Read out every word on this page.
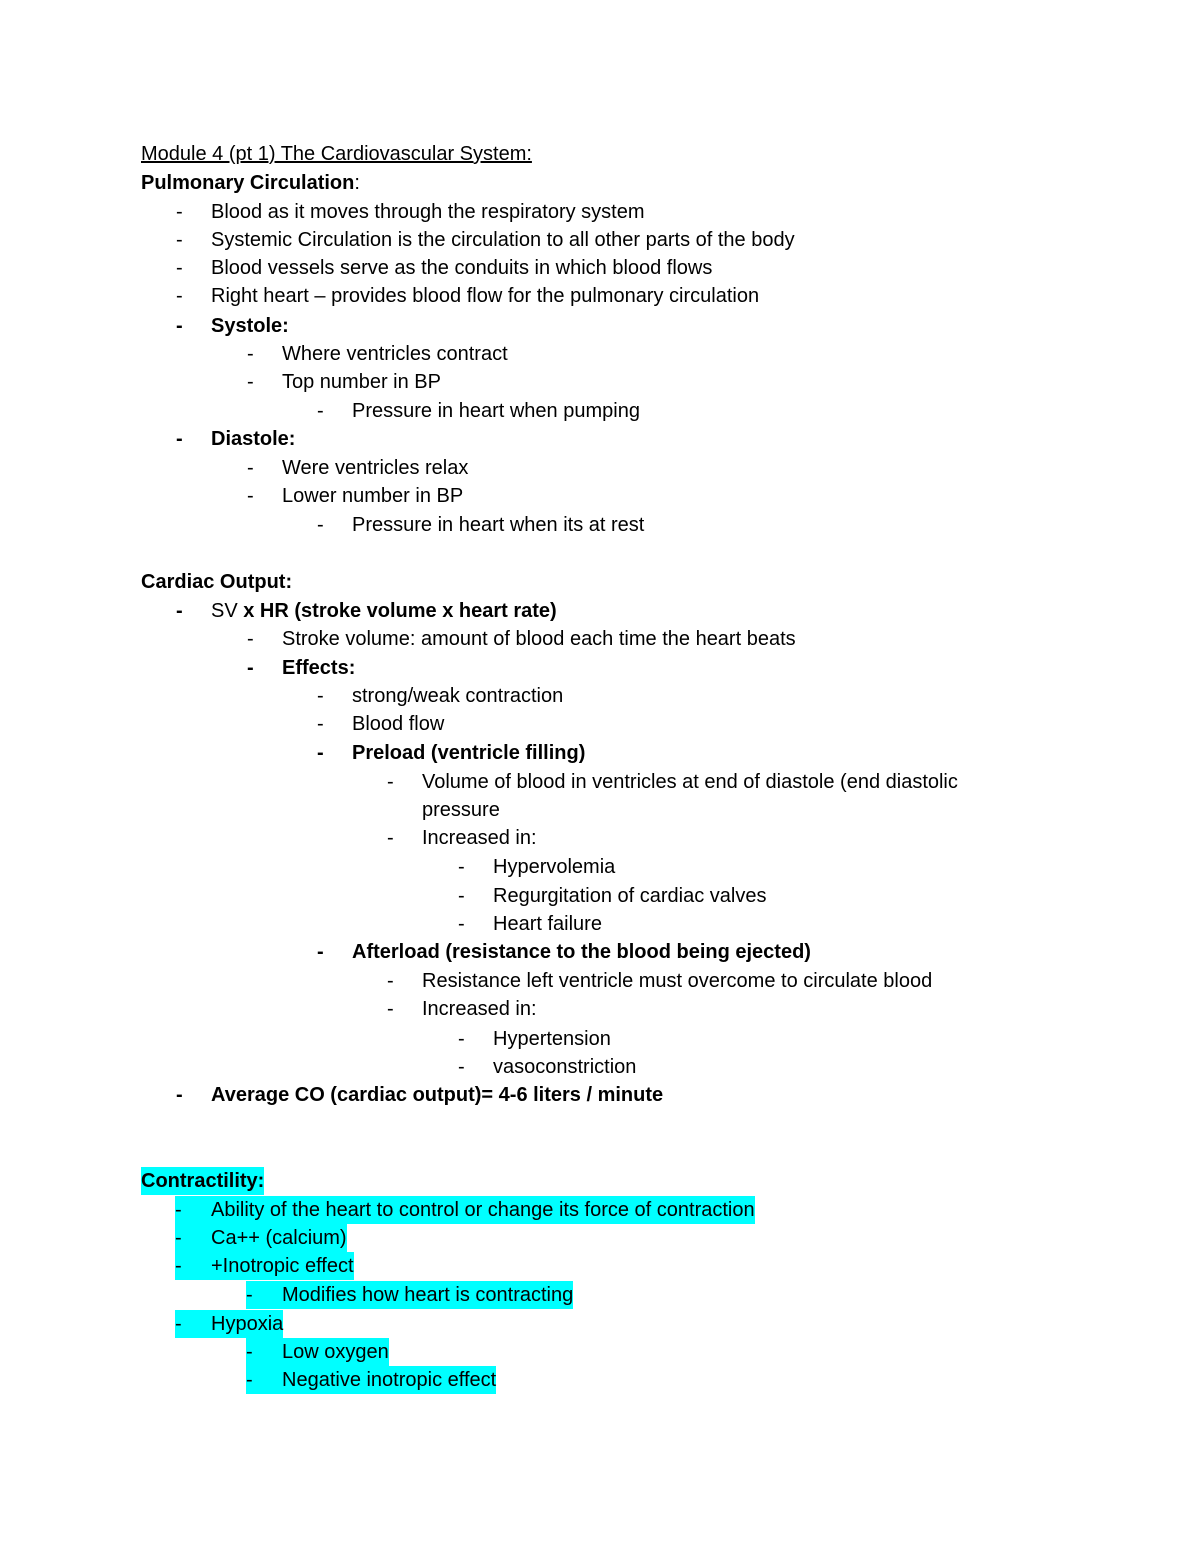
Module 4 (pt 1) The Cardiovascular System:
Pulmonary Circulation:
- Blood as it moves through the respiratory system
- Systemic Circulation is the circulation to all other parts of the body
- Blood vessels serve as the conduits in which blood flows
- Right heart – provides blood flow for the pulmonary circulation
- Systole:
- Where ventricles contract
- Top number in BP
- Pressure in heart when pumping
- Diastole:
- Were ventricles relax
- Lower number in BP
- Pressure in heart when its at rest
Cardiac Output:
- SV x HR (stroke volume x heart rate)
- Stroke volume: amount of blood each time the heart beats
- Effects:
- strong/weak contraction
- Blood flow
- Preload (ventricle filling)
- Volume of blood in ventricles at end of diastole (end diastolic
pressure
- Increased in:
- Hypervolemia
- Regurgitation of cardiac valves
- Heart failure
- Afterload (resistance to the blood being ejected)
- Resistance left ventricle must overcome to circulate blood
- Increased in:
- Hypertension
- vasoconstriction
- Average CO (cardiac output)= 4-6 liters / minute
Contractility:
- Ability of the heart to control or change its force of contraction
- Ca++ (calcium)
- +Inotropic effect
- Modifies how heart is contracting
- Hypoxia
- Low oxygen
- Negative inotropic effect
